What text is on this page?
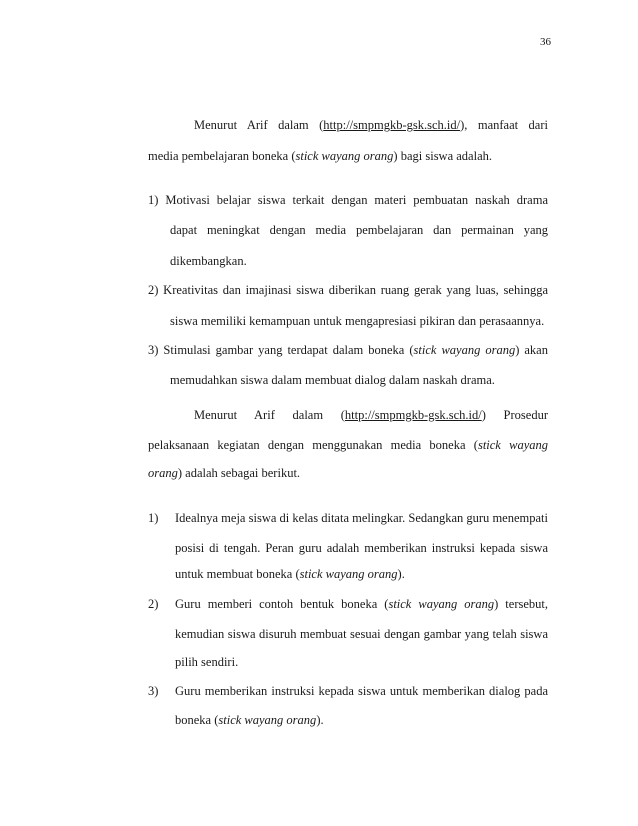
36
Menurut Arif dalam (http://smpmgkb-gsk.sch.id/), manfaat dari
media pembelajaran boneka (stick wayang orang) bagi siswa adalah.
1) Motivasi belajar siswa terkait dengan materi pembuatan naskah drama
dapat meningkat dengan media pembelajaran dan permainan yang
dikembangkan.
2) Kreativitas dan imajinasi siswa diberikan ruang gerak yang luas, sehingga
siswa memiliki kemampuan untuk mengapresiasi pikiran dan perasaannya.
3) Stimulasi gambar yang terdapat dalam boneka (stick wayang orang) akan
memudahkan siswa dalam membuat dialog dalam naskah drama.
Menurut Arif dalam (http://smpmgkb-gsk.sch.id/) Prosedur
pelaksanaan kegiatan dengan menggunakan media boneka (stick wayang
orang) adalah sebagai berikut.
1)	Idealnya meja siswa di kelas ditata melingkar. Sedangkan guru menempati
posisi di tengah. Peran guru adalah memberikan instruksi kepada siswa
untuk membuat boneka (stick wayang orang).
2)	Guru memberi contoh bentuk boneka (stick wayang orang) tersebut,
kemudian siswa disuruh membuat sesuai dengan gambar yang telah siswa
pilih sendiri.
3)	Guru memberikan instruksi kepada siswa untuk memberikan dialog pada
boneka (stick wayang orang).
